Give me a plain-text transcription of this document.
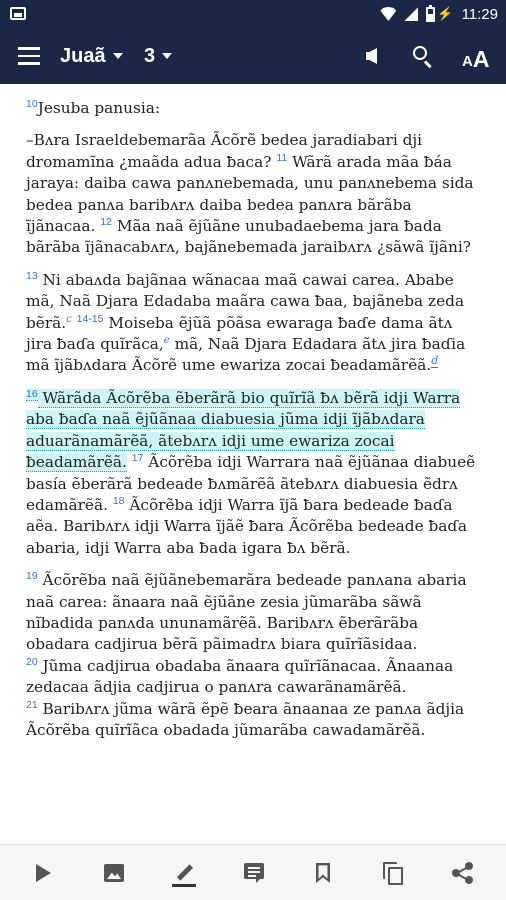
⚡ 11:29
Juaã 3	A A

$^{10}$Jesuba panusia:

–Bʌra Israeldebemarãa Ãcõrẽ bedea jaradiabari dji dromamĩna ¿maãda adua ƀaca? $^{11}$ Wãrã arada mãa ƀáa jaraya: daiba cawa panʌnebemada, unu panʌnebema sida bedea panʌa baribʌrʌ daiba bedea panʌra bãrãba ĩjãnacaa. $^{12}$ Mãa naã ẽjũãne unubadaebema jara ƀada bãrãba ĩjãnacabʌrʌ, bajãnebemada jaraibʌrʌ ¿sãwã ĩjãni?

$^{13}$ Ni abaʌda bajãnaa wãnacaa maã cawai carea. Ababe mã, Naã Djara Edadaba maãra cawa ƀaa, bajãneba zeda bẽrã.$^c$ $^{14-15}$ Moiseba ẽjũã põãsa ewaraga ƀaɗe dama ãtʌ jira ƀaɗa quĩrãca,$^e$ mã, Naã Djara Edadara ãtʌ jira ƀaɗia mã ĩjãbʌdara Ãcõrẽ ume ewariza zocai ƀeadamãrẽã.$^d$

$^{16}$ Wãrãda Ãcõrẽba ẽberãrã bio quĩrĩã ƀʌ bẽrã idji Warra aba ƀaɗa naã ẽjũãnaa diabuesia jũma idji ĩjãbʌdara aduarãnamãrẽã, ãtebʌrʌ idji ume ewariza zocai ƀeadamãrẽã. $^{17}$ Ãcõrẽba idji Warrara naã ẽjũãnaa diabueẽ basía ẽberãrã bedeade ƀʌmãrẽã ãtebʌrʌ diabuesia ẽdrʌ edamãrẽã. $^{18}$ Ãcõrẽba idji Warra ĩjã ƀara bedeade ƀaɗa aẽa. Baribʌrʌ idji Warra ĩjãẽ ƀara Ãcõrẽba bedeade ƀaɗa abaria, idji Warra aba ƀada igara ƀʌ bẽrã.

$^{19}$ Ãcõrẽba naã ẽjũãnebemarãra bedeade panʌana abaria naã carea: ãnaara naã ẽjũãne zesia jũmarãba sãwã nĩbadida panʌda ununamãrẽã. Baribʌrʌ ẽberãrãba obadara cadjirua bẽrã pãimadrʌ biara quĩrĩãsidaa.
$^{20}$ Jũma cadjirua obadaba ãnaara quĩrĩãnacaa. Ãnaanaa zedacaa ãdjia cadjirua o panʌra cawarãnamãrẽã.
$^{21}$ Baribʌrʌ jũma wãrã ẽpẽ ƀeara ãnaanaa ze panʌa ãdjia Ãcõrẽba quĩrĩãca obadada jũmarãba cawadamãrẽã.
